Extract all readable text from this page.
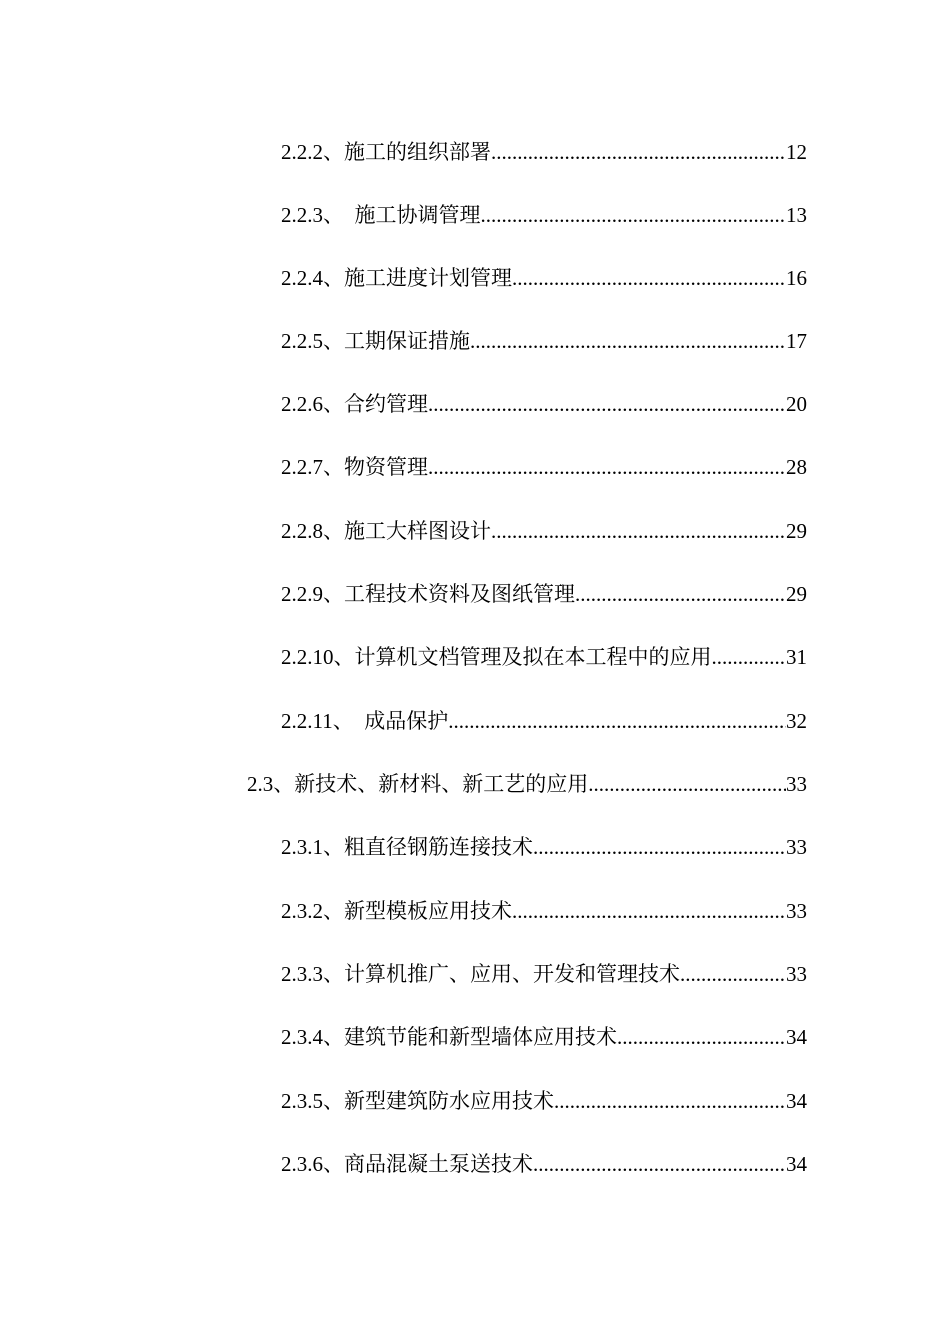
2.2.2、施工的组织部署 .....	12
2.2.3、  施工协调管理 .....	13
2.2.4、施工进度计划管理 .....	16
2.2.5、工期保证措施 .....	17
2.2.6、合约管理 .....	20
2.2.7、物资管理 .....	28
2.2.8、施工大样图设计 .....	29
2.2.9、工程技术资料及图纸管理 .....	29
2.2.10、计算机文档管理及拟在本工程中的应用 .....	31
2.2.11、  成品保护 .....	32
2.3、新技术、新材料、新工艺的应用 .....	33
2.3.1、粗直径钢筋连接技术 .....	33
2.3.2、新型模板应用技术 .....	33
2.3.3、计算机推广、应用、开发和管理技术 .....	33
2.3.4、建筑节能和新型墙体应用技术 .....	34
2.3.5、新型建筑防水应用技术 .....	34
2.3.6、商品混凝土泵送技术 .....	34
